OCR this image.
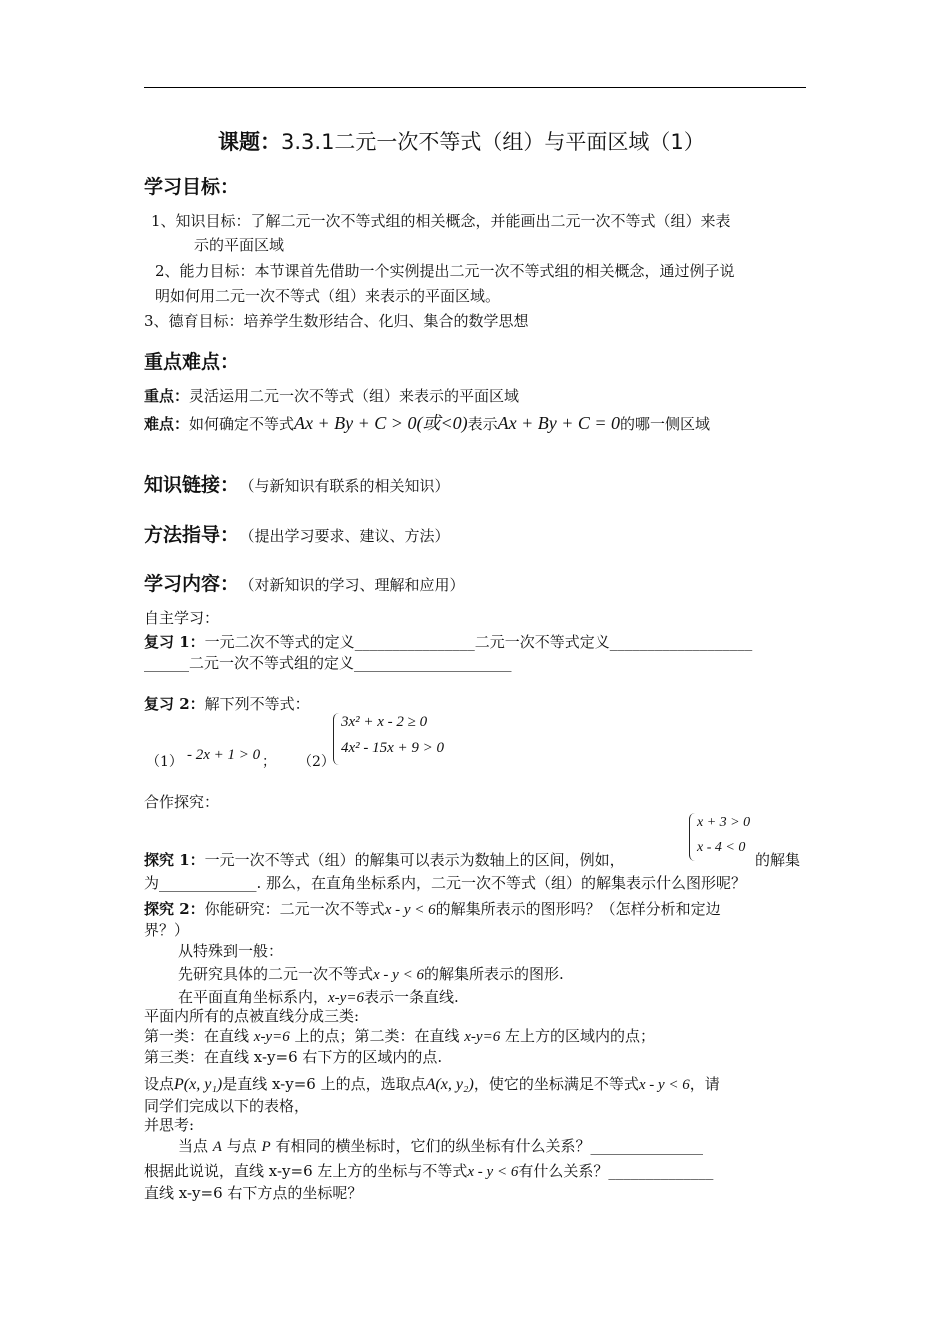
课题：3.3.1二元一次不等式（组）与平面区域（1）
学习目标：
1、知识目标：了解二元一次不等式组的相关概念，并能画出二元一次不等式（组）来表
示的平面区域
2、能力目标：本节课首先借助一个实例提出二元一次不等式组的相关概念，通过例子说
明如何用二元一次不等式（组）来表示的平面区域。
3、德育目标：培养学生数形结合、化归、集合的数学思想
重点难点：
重点：灵活运用二元一次不等式（组）来表示的平面区域
难点：如何确定不等式Ax + By + C > 0(或<0)表示Ax + By + C = 0的哪一侧区域
知识链接： （与新知识有联系的相关知识）
方法指导： （提出学习要求、建议、方法）
学习内容： （对新知识的学习、理解和应用）
自主学习：
复习 1：一元二次不等式的定义________________二元一次不等式定义___________________
______二元一次不等式组的定义_____________________
复习 2：解下列不等式：
（1） - 2x + 1 > 0 ； （2）
3x² + x - 2 ≥ 0
4x² - 15x + 9 > 0
合作探究：
x + 3 > 0
x - 4 < 0
探究 1：一元一次不等式（组）的解集可以表示为数轴上的区间，例如，	的解集
为_____________. 那么，在直角坐标系内，二元一次不等式（组）的解集表示什么图形呢？
探究 2：你能研究：二元一次不等式x - y < 6的解集所表示的图形吗？（怎样分析和定边
界？）
从特殊到一般：
先研究具体的二元一次不等式x - y < 6的解集所表示的图形.
在平面直角坐标系内，x-y=6表示一条直线.
平面内所有的点被直线分成三类:
第一类：在直线 x-y=6 上的点；第二类：在直线 x-y=6 左上方的区域内的点；
第三类：在直线 x-y=6 右下方的区域内的点.
设点P(x, y₁)是直线 x-y=6 上的点，选取点A(x, y₂)，使它的坐标满足不等式x - y < 6，请
同学们完成以下的表格，
并思考:
当点 A 与点 P 有相同的横坐标时，它们的纵坐标有什么关系？_______________
根据此说说，直线 x-y=6 左上方的坐标与不等式x - y < 6有什么关系？______________
直线 x-y=6 右下方点的坐标呢？
